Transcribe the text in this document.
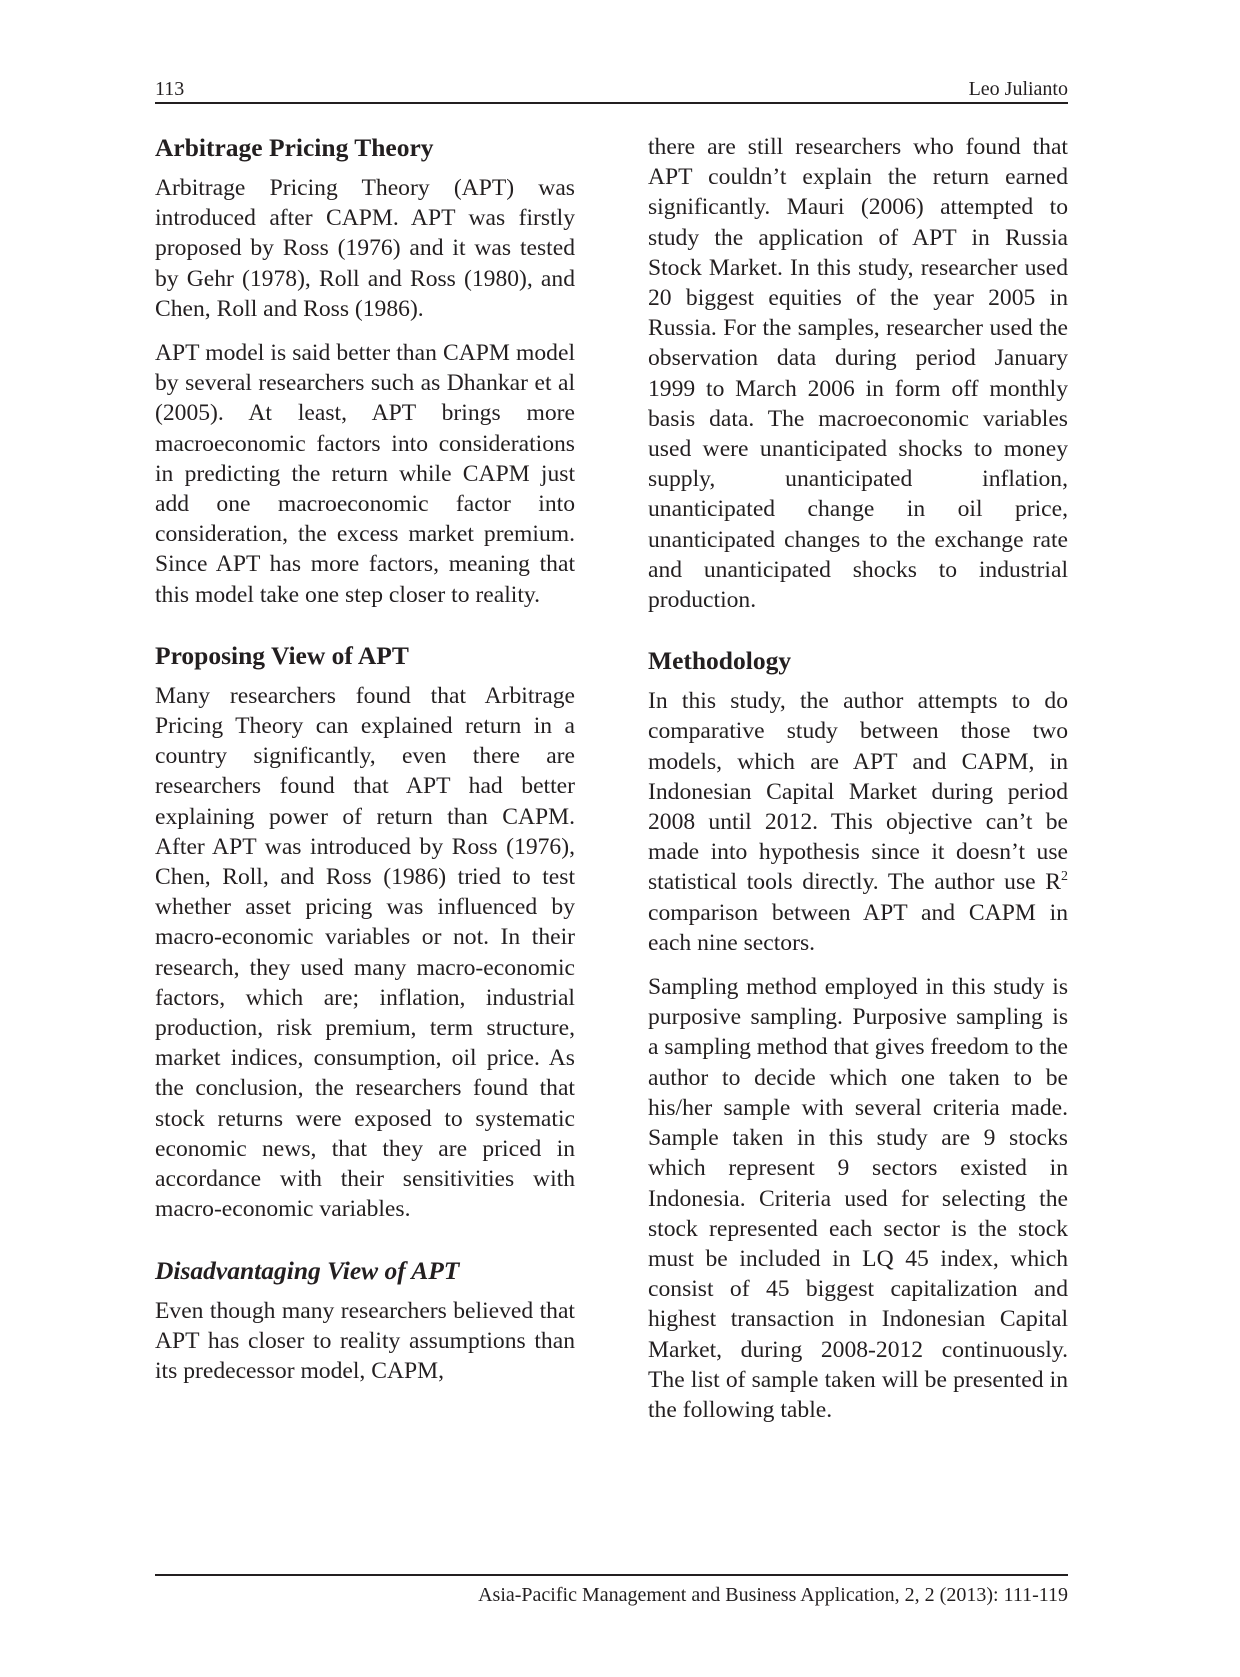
113	Leo Julianto
Arbitrage Pricing Theory

Arbitrage Pricing Theory (APT) was introduced after CAPM. APT was firstly proposed by Ross (1976) and it was tested by Gehr (1978), Roll and Ross (1980), and Chen, Roll and Ross (1986).

APT model is said better than CAPM model by several researchers such as Dhankar et al (2005). At least, APT brings more macroeconomic factors into considerations in predicting the return while CAPM just add one macroeconomic factor into consideration, the excess market premium. Since APT has more factors, meaning that this model take one step closer to reality.

Proposing View of APT

Many researchers found that Arbitrage Pricing Theory can explained return in a country significantly, even there are researchers found that APT had better explaining power of return than CAPM. After APT was introduced by Ross (1976), Chen, Roll, and Ross (1986) tried to test whether asset pricing was influenced by macro-economic variables or not. In their research, they used many macro-economic factors, which are; inflation, industrial production, risk premium, term structure, market indices, consumption, oil price. As the conclusion, the researchers found that stock returns were exposed to systematic economic news, that they are priced in accordance with their sensitivities with macro-economic variables.

Disadvantaging View of APT

Even though many researchers believed that APT has closer to reality assumptions than its predecessor model, CAPM,

there are still researchers who found that APT couldn’t explain the return earned significantly. Mauri (2006) attempted to study the application of APT in Russia Stock Market. In this study, researcher used 20 biggest equities of the year 2005 in Russia. For the samples, researcher used the observation data during period January 1999 to March 2006 in form off monthly basis data. The macroeconomic variables used were unanticipated shocks to money supply, unanticipated inflation, unanticipated change in oil price, unanticipated changes to the exchange rate and unanticipated shocks to industrial production.

Methodology

In this study, the author attempts to do comparative study between those two models, which are APT and CAPM, in Indonesian Capital Market during period 2008 until 2012. This objective can’t be made into hypothesis since it doesn’t use statistical tools directly. The author use $R^2$ comparison between APT and CAPM in each nine sectors.

Sampling method employed in this study is purposive sampling. Purposive sampling is a sampling method that gives freedom to the author to decide which one taken to be his/her sample with several criteria made. Sample taken in this study are 9 stocks which represent 9 sectors existed in Indonesia. Criteria used for selecting the stock represented each sector is the stock must be included in LQ 45 index, which consist of 45 biggest capitalization and highest transaction in Indonesian Capital Market, during 2008-2012 continuously. The list of sample taken will be presented in the following table.

Asia-Pacific Management and Business Application, 2, 2 (2013): 111-119
